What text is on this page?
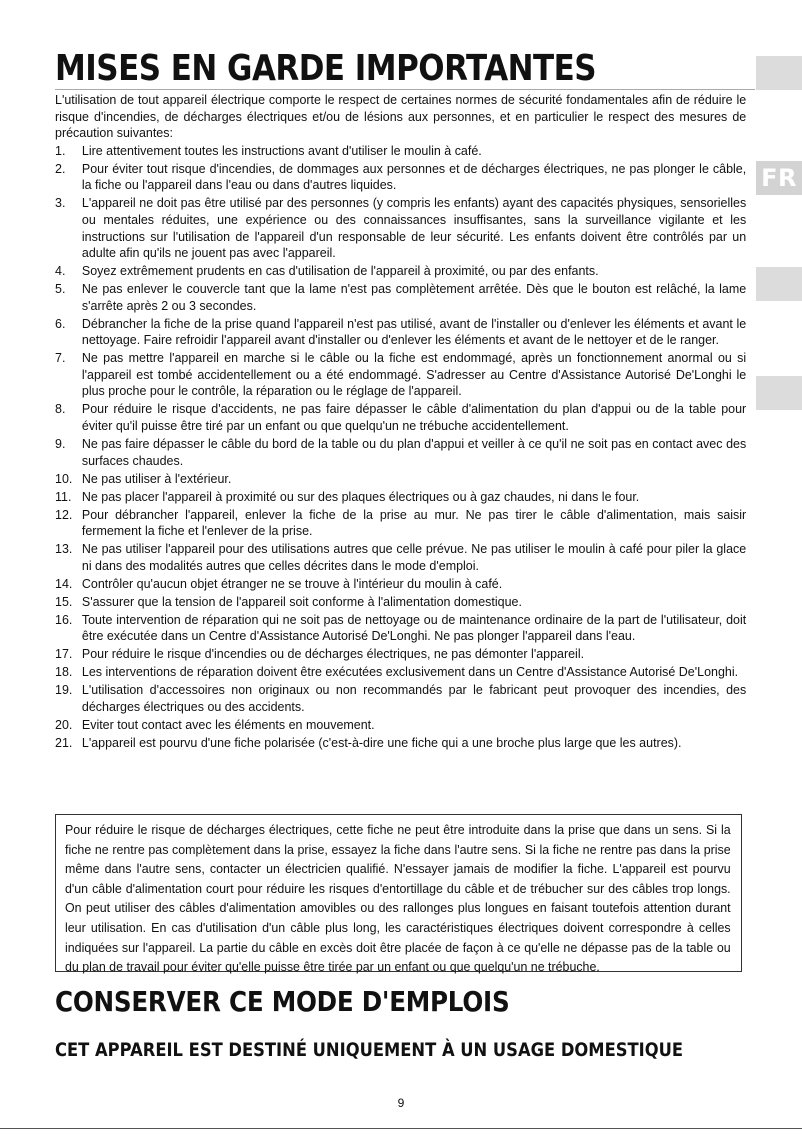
FR
MISES EN GARDE IMPORTANTES

L'utilisation de tout appareil électrique comporte le respect de certaines normes de sécurité fondamentales afin de réduire le risque d'incendies, de décharges électriques et/ou de lésions aux personnes, et en particulier le respect des mesures de précaution suivantes:

1. Lire attentivement toutes les instructions avant d'utiliser le moulin à café.
2. Pour éviter tout risque d'incendies, de dommages aux personnes et de décharges électriques, ne pas plonger le câble, la fiche ou l'appareil dans l'eau ou dans d'autres liquides.
3. L'appareil ne doit pas être utilisé par des personnes (y compris les enfants) ayant des capacités physiques, sensorielles ou mentales réduites, une expérience ou des connaissances insuffisantes, sans la surveillance vigilante et les instructions sur l'utilisation de l'appareil d'un responsable de leur sécurité. Les enfants doivent être contrôlés par un adulte afin qu'ils ne jouent pas avec l'appareil.
4. Soyez extrêmement prudents en cas d'utilisation de l'appareil à proximité, ou par des enfants.
5. Ne pas enlever le couvercle tant que la lame n'est pas complètement arrêtée. Dès que le bouton est relâché, la lame s'arrête après 2 ou 3 secondes.
6. Débrancher la fiche de la prise quand l'appareil n'est pas utilisé, avant de l'installer ou d'enlever les éléments et avant le nettoyage. Faire refroidir l'appareil avant d'installer ou d'enlever les éléments et avant de le nettoyer et de le ranger.
7. Ne pas mettre l'appareil en marche si le câble ou la fiche est endommagé, après un fonctionnement anormal ou si l'appareil est tombé accidentellement ou a été endommagé. S'adresser au Centre d'Assistance Autorisé De'Longhi le plus proche pour le contrôle, la réparation ou le réglage de l'appareil.
8. Pour réduire le risque d'accidents, ne pas faire dépasser le câble d'alimentation du plan d'appui ou de la table pour éviter qu'il puisse être tiré par un enfant ou que quelqu'un ne trébuche accidentellement.
9. Ne pas faire dépasser le câble du bord de la table ou du plan d'appui et veiller à ce qu'il ne soit pas en contact avec des surfaces chaudes.
10. Ne pas utiliser à l'extérieur.
11. Ne pas placer l'appareil à proximité ou sur des plaques électriques ou à gaz chaudes, ni dans le four.
12. Pour débrancher l'appareil, enlever la fiche de la prise au mur. Ne pas tirer le câble d'alimentation, mais saisir fermement la fiche et l'enlever de la prise.
13. Ne pas utiliser l'appareil pour des utilisations autres que celle prévue. Ne pas utiliser le moulin à café pour piler la glace ni dans des modalités autres que celles décrites dans le mode d'emploi.
14. Contrôler qu'aucun objet étranger ne se trouve à l'intérieur du moulin à café.
15. S'assurer que la tension de l'appareil soit conforme à l'alimentation domestique.
16. Toute intervention de réparation qui ne soit pas de nettoyage ou de maintenance ordinaire de la part de l'utilisateur, doit être exécutée dans un Centre d'Assistance Autorisé De'Longhi. Ne pas plonger l'appareil dans l'eau.
17. Pour réduire le risque d'incendies ou de décharges électriques, ne pas démonter l'appareil.
18. Les interventions de réparation doivent être exécutées exclusivement dans un Centre d'Assistance Autorisé De'Longhi.
19. L'utilisation d'accessoires non originaux ou non recommandés par le fabricant peut provoquer des incendies, des décharges électriques ou des accidents.
20. Eviter tout contact avec les éléments en mouvement.
21. L'appareil est pourvu d'une fiche polarisée (c'est-à-dire une fiche qui a une broche plus large que les autres).

Pour réduire le risque de décharges électriques, cette fiche ne peut être introduite dans la prise que dans un sens. Si la fiche ne rentre pas complètement dans la prise, essayez la fiche dans l'autre sens. Si la fiche ne rentre pas dans la prise même dans l'autre sens, contacter un électricien qualifié. N'essayer jamais de modifier la fiche. L'appareil est pourvu d'un câble d'alimentation court pour réduire les risques d'entortillage du câble et de trébucher sur des câbles trop longs. On peut utiliser des câbles d'alimentation amovibles ou des rallonges plus longues en faisant toutefois attention durant leur utilisation. En cas d'utilisation d'un câble plus long, les caractéristiques électriques doivent correspondre à celles indiquées sur l'appareil. La partie du câble en excès doit être placée de façon à ce qu'elle ne dépasse pas de la table ou du plan de travail pour éviter qu'elle puisse être tirée par un enfant ou que quelqu'un ne trébuche.

CONSERVER CE MODE D'EMPLOIS
CET APPAREIL EST DESTINÉ UNIQUEMENT À UN USAGE DOMESTIQUE
9
